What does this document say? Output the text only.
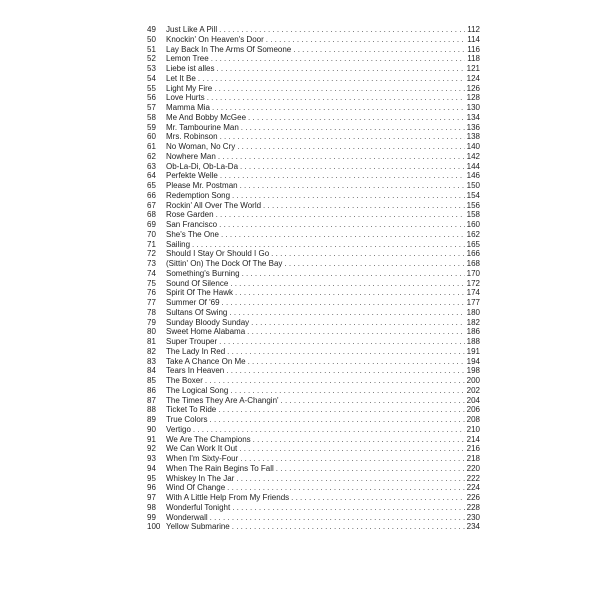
49	Just Like A Pill . . .	112
50	Knockin' On Heaven's Door . . .	114
51	Lay Back In The Arms Of Someone . . .	116
52	Lemon Tree . . .	118
53	Liebe ist alles . . .	121
54	Let It Be . . .	124
55	Light My Fire . . .	126
56	Love Hurts . . .	128
57	Mamma Mia . . .	130
58	Me And Bobby McGee . . .	134
59	Mr. Tambourine Man . . .	136
60	Mrs. Robinson . . .	138
61	No Woman, No Cry . . .	140
62	Nowhere Man . . .	142
63	Ob-La-Di, Ob-La-Da . . .	144
64	Perfekte Welle . . .	146
65	Please Mr. Postman . . .	150
66	Redemption Song . . .	154
67	Rockin' All Over The World . . .	156
68	Rose Garden . . .	158
69	San Francisco . . .	160
70	She's The One . . .	162
71	Sailing . . .	165
72	Should I Stay Or Should I Go . . .	166
73	(Sittin' On) The Dock Of The Bay . . .	168
74	Something's Burning . . .	170
75	Sound Of Silence . . .	172
76	Spirit Of The Hawk . . .	174
77	Summer Of '69 . . .	177
78	Sultans Of Swing . . .	180
79	Sunday Bloody Sunday . . .	182
80	Sweet Home Alabama . . .	186
81	Super Trouper . . .	188
82	The Lady In Red . . .	191
83	Take A Chance On Me . . .	194
84	Tears In Heaven . . .	198
85	The Boxer . . .	200
86	The Logical Song . . .	202
87	The Times They Are A-Changin' . . .	204
88	Ticket To Ride . . .	206
89	True Colors . . .	208
90	Vertigo . . .	210
91	We Are The Champions . . .	214
92	We Can Work It Out . . .	216
93	When I'm Sixty-Four . . .	218
94	When The Rain Begins To Fall . . .	220
95	Whiskey In The Jar . . .	222
96	Wind Of Change . . .	224
97	With A Little Help From My Friends . . .	226
98	Wonderful Tonight . . .	228
99	Wonderwall . . .	230
100 Yellow Submarine . . .	234
